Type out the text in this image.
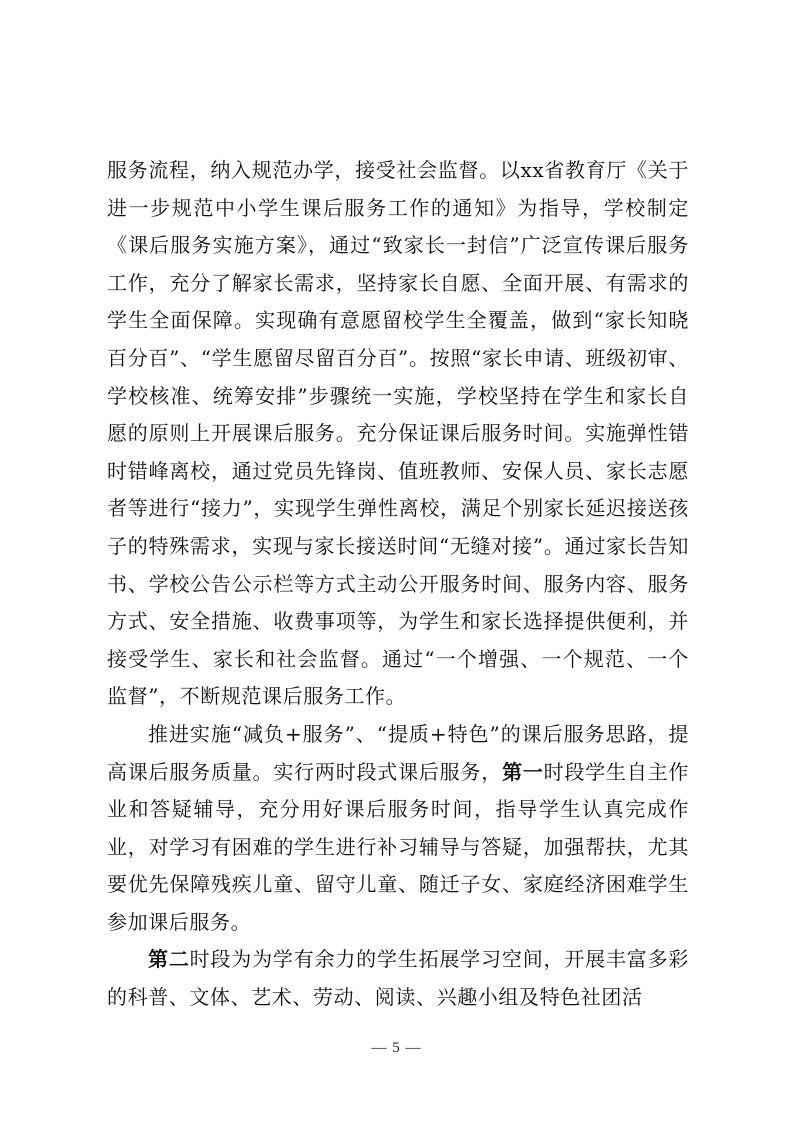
服务流程，纳入规范办学，接受社会监督。以xx省教育厅《关于进一步规范中小学生课后服务工作的通知》为指导，学校制定《课后服务实施方案》，通过“致家长一封信”广泛宣传课后服务工作，充分了解家长需求，坚持家长自愿、全面开展、有需求的学生全面保障。实现确有意愿留校学生全覆盖，做到“家长知晓百分百”、“学生愿留尽留百分百”。按照“家长申请、班级初审、学校核准、统筹安排”步骤统一实施，学校坚持在学生和家长自愿的原则上开展课后服务。充分保证课后服务时间。实施弹性错时错峰离校，通过党员先锋岗、值班教师、安保人员、家长志愿者等进行“接力”，实现学生弹性离校，满足个别家长延迟接送孩子的特殊需求，实现与家长接送时间“无缝对接”。通过家长告知书、学校公告公示栏等方式主动公开服务时间、服务内容、服务方式、安全措施、收费事项等，为学生和家长选择提供便利，并接受学生、家长和社会监督。通过“一个增强、一个规范、一个监督”，不断规范课后服务工作。

推进实施“减负+服务”、“提质+特色”的课后服务思路，提高课后服务质量。实行两时段式课后服务，第一时段学生自主作业和答疑辅导，充分用好课后服务时间，指导学生认真完成作业，对学习有困难的学生进行补习辅导与答疑，加强帮扶，尤其要优先保障残疾儿童、留守儿童、随迁子女、家庭经济困难学生参加课后服务。

第二时段为为学有余力的学生拓展学习空间，开展丰富多彩的科普、文体、艺术、劳动、阅读、兴趣小组及特色社团活

— 5 —
